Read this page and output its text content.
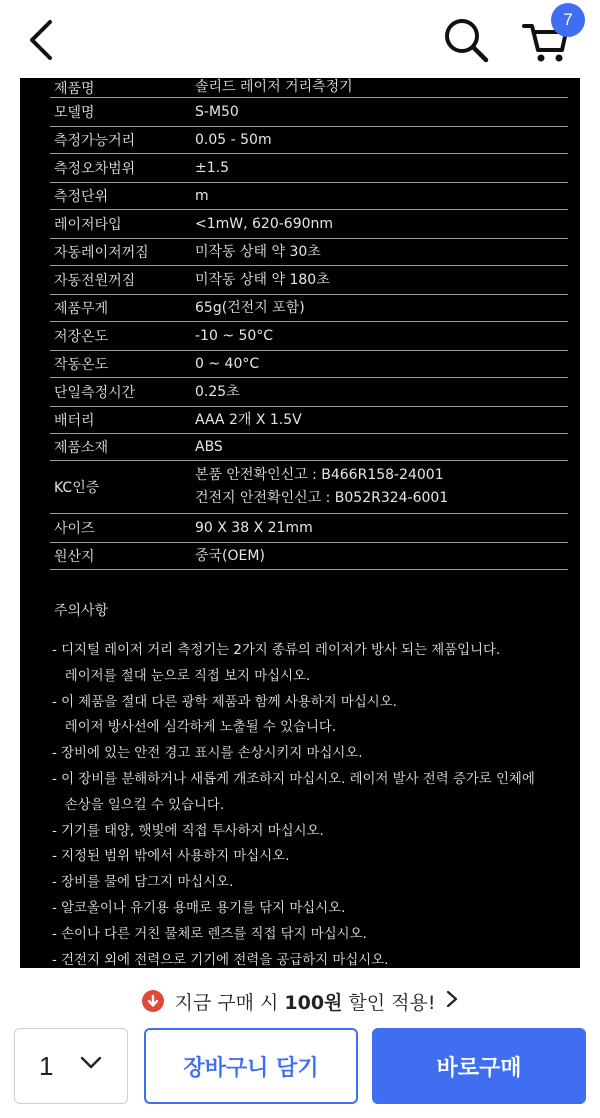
7
제품명	솔리드 레이저 거리측정기
모델명	S-M50
측정가능거리	0.05 - 50m
측정오차범위	±1.5
측정단위	m
레이저타입	<1mW, 620-690nm
자동레이저꺼짐	미작동 상태 약 30초
자동전원꺼짐	미작동 상태 약 180초
제품무게	65g(건전지 포함)
저장온도	-10 ~ 50°C
작동온도	0 ~ 40°C
단일측정시간	0.25초
배터리	AAA 2개 X 1.5V
제품소재	ABS
KC인증
본품 안전확인신고 : B466R158-24001
건전지 안전확인신고 : B052R324-6001
사이즈	90 X 38 X 21mm
원산지	중국(OEM)
주의사항
- 디지털 레이저 거리 측정기는 2가지 종류의 레이저가 방사 되는 제품입니다.
레이저를 절대 눈으로 직접 보지 마십시오.
- 이 제품을 절대 다른 광학 제품과 함께 사용하지 마십시오.
레이저 방사선에 심각하게 노출될 수 있습니다.
- 장비에 있는 안전 경고 표시를 손상시키지 마십시오.
- 이 장비를 분해하거나 새롭게 개조하지 마십시오. 레이저 발사 전력 증가로 인체에
손상을 일으킬 수 있습니다.
- 기기를 태양, 햇빛에 직접 투사하지 마십시오.
- 지정된 범위 밖에서 사용하지 마십시오.
- 장비를 물에 담그지 마십시오.
- 알코올이나 유기용 용매로 용기를 닦지 마십시오.
- 손이나 다른 거친 물체로 렌즈를 직접 닦지 마십시오.
- 건전지 외에 전력으로 기기에 전력을 공급하지 마십시오.
지금 구매 시 100원 할인 적용!
1	장바구니 담기	바로구매
